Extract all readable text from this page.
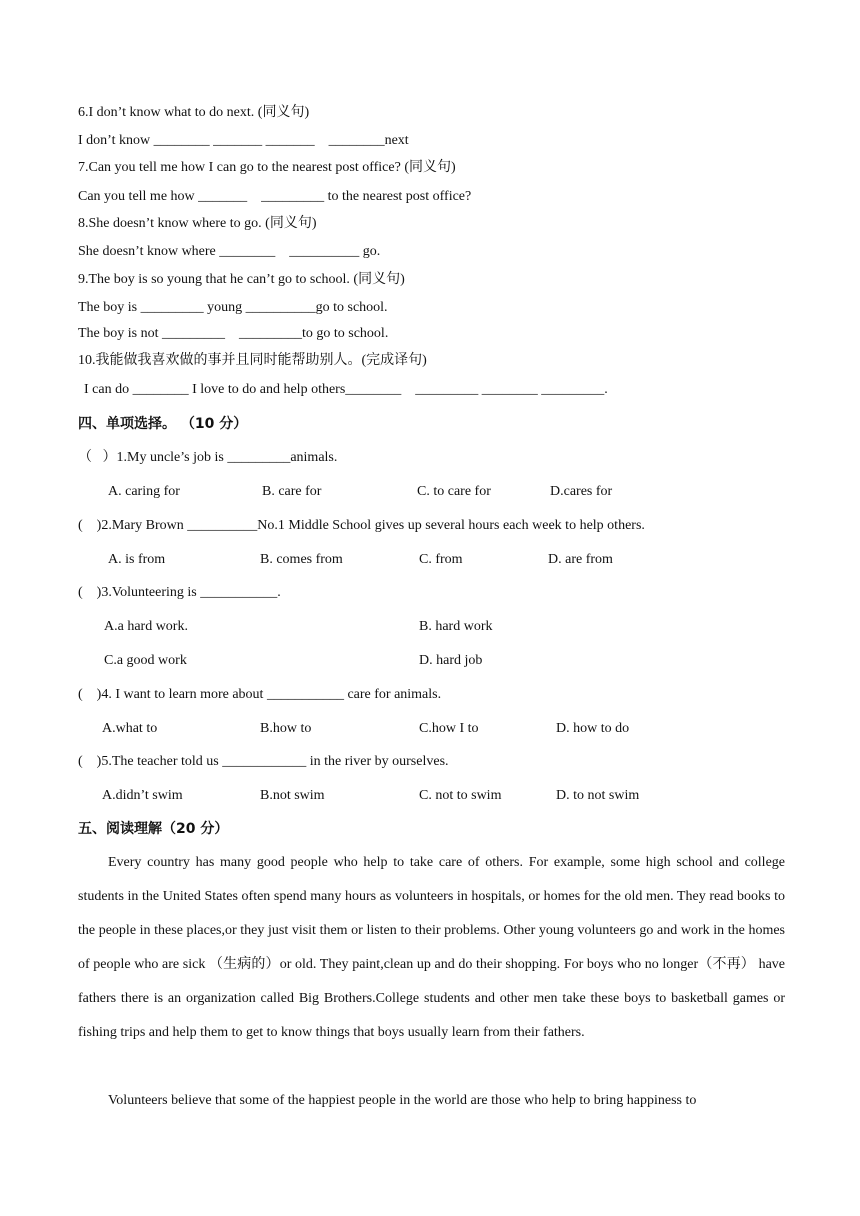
6.I don’t know what to do next. (同义句)
I don’t know ________ _______ _______    ________next
7.Can you tell me how I can go to the nearest post office? (同义句)
Can you tell me how _______    _________ to the nearest post office?
8.She doesn’t know where to go. (同义句)
She doesn’t know where ________    __________ go.
9.The boy is so young that he can’t go to school. (同义句)
The boy is _________ young __________go to school.
The boy is not _________    _________to go to school.
10.我能做我喜欢做的事并且同时能帮助别人。(完成译句)
I can do ________ I love to do and help others________    _________ ________ _________.
四、单项选择。 （10 分）
（   ）1.My uncle’s job is _________animals.
A. caring for	B. care for	C. to care for	D.cares for
(    )2.Mary Brown __________No.1 Middle School gives up several hours each week to help others.
A. is from	B. comes from	C. from	D. are from
(    )3.Volunteering is ___________.
A.a hard work.	B. hard work
C.a good work	D. hard job
(    )4. I want to learn more about ___________ care for animals.
A.what to	B.how to	C.how I to	D. how to do
(    )5.The teacher told us ____________ in the river by ourselves.
A.didn’t swim	B.not swim	C. not to swim	D. to not swim
五、阅读理解（20 分）

Every country has many good people who help to take care of others. For example, some high school and college students in the United States often spend many hours as volunteers in hospitals, or homes for the old men. They read books to the people in these places,or they just visit them or listen to their problems. Other young volunteers go and work in the homes of people who are sick （生病的）or old. They paint,clean up and do their shopping. For boys who no longer（不再） have fathers there is an organization called Big Brothers.College students and other men take these boys to basketball games or fishing trips and help them to get to know things that boys usually learn from their fathers.

Volunteers believe that some of the happiest people in the world are those who help to bring happiness to
